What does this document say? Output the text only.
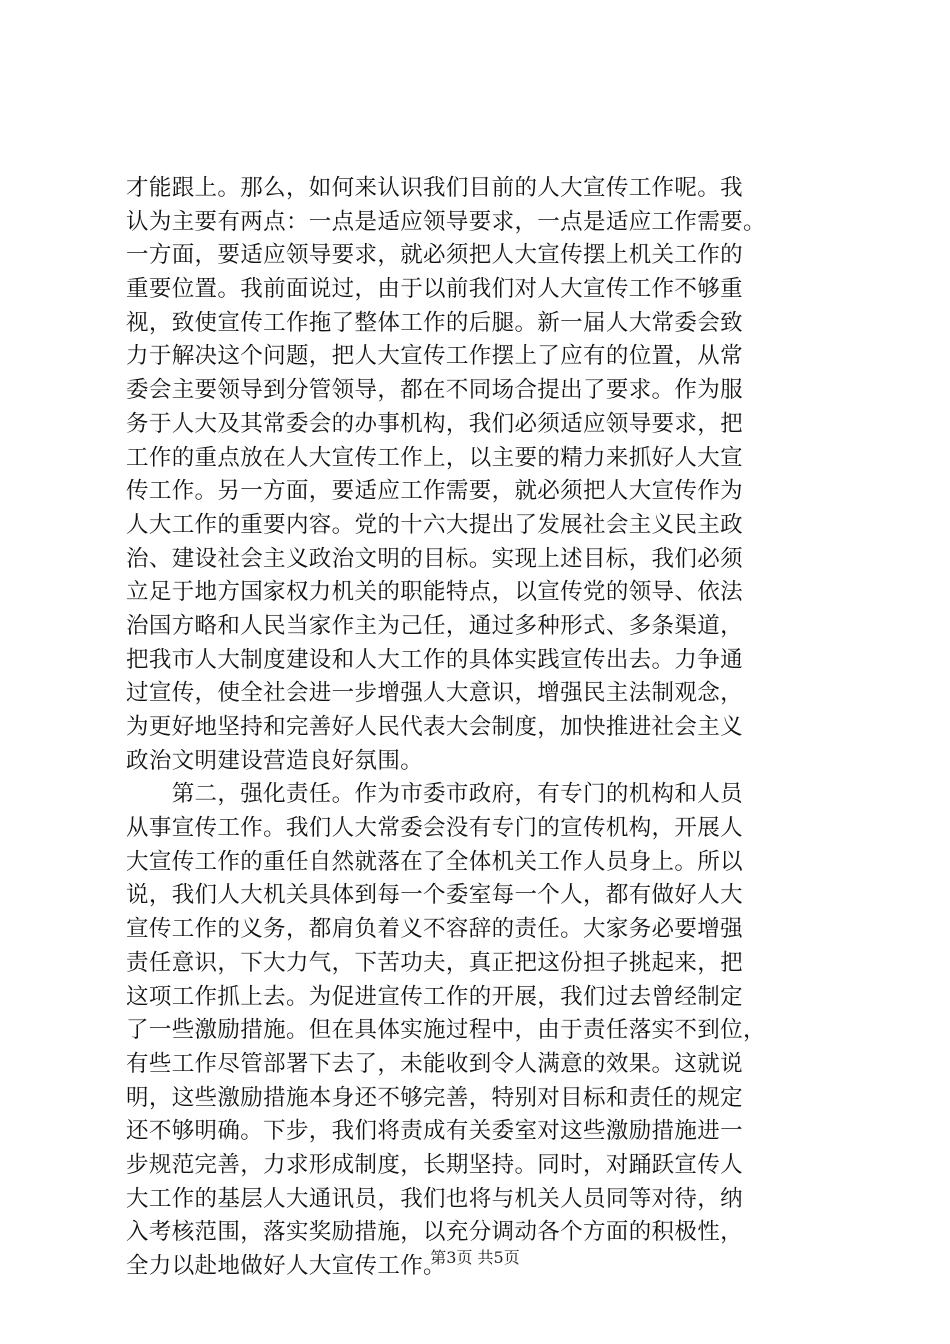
才能跟上。那么，如何来认识我们目前的人大宣传工作呢。我
认为主要有两点：一点是适应领导要求，一点是适应工作需要。
一方面，要适应领导要求，就必须把人大宣传摆上机关工作的
重要位置。我前面说过，由于以前我们对人大宣传工作不够重
视，致使宣传工作拖了整体工作的后腿。新一届人大常委会致
力于解决这个问题，把人大宣传工作摆上了应有的位置，从常
委会主要领导到分管领导，都在不同场合提出了要求。作为服
务于人大及其常委会的办事机构，我们必须适应领导要求，把
工作的重点放在人大宣传工作上，以主要的精力来抓好人大宣
传工作。另一方面，要适应工作需要，就必须把人大宣传作为
人大工作的重要内容。党的十六大提出了发展社会主义民主政
治、建设社会主义政治文明的目标。实现上述目标，我们必须
立足于地方国家权力机关的职能特点，以宣传党的领导、依法
治国方略和人民当家作主为己任，通过多种形式、多条渠道，
把我市人大制度建设和人大工作的具体实践宣传出去。力争通
过宣传，使全社会进一步增强人大意识，增强民主法制观念，
为更好地坚持和完善好人民代表大会制度，加快推进社会主义
政治文明建设营造良好氛围。
　　第二，强化责任。作为市委市政府，有专门的机构和人员
从事宣传工作。我们人大常委会没有专门的宣传机构，开展人
大宣传工作的重任自然就落在了全体机关工作人员身上。所以
说，我们人大机关具体到每一个委室每一个人，都有做好人大
宣传工作的义务，都肩负着义不容辞的责任。大家务必要增强
责任意识，下大力气，下苦功夫，真正把这份担子挑起来，把
这项工作抓上去。为促进宣传工作的开展，我们过去曾经制定
了一些激励措施。但在具体实施过程中，由于责任落实不到位，
有些工作尽管部署下去了，未能收到令人满意的效果。这就说
明，这些激励措施本身还不够完善，特别对目标和责任的规定
还不够明确。下步，我们将责成有关委室对这些激励措施进一
步规范完善，力求形成制度，长期坚持。同时，对踊跃宣传人
大工作的基层人大通讯员，我们也将与机关人员同等对待，纳
入考核范围，落实奖励措施，以充分调动各个方面的积极性，
全力以赴地做好人大宣传工作。
第3页 共5页
